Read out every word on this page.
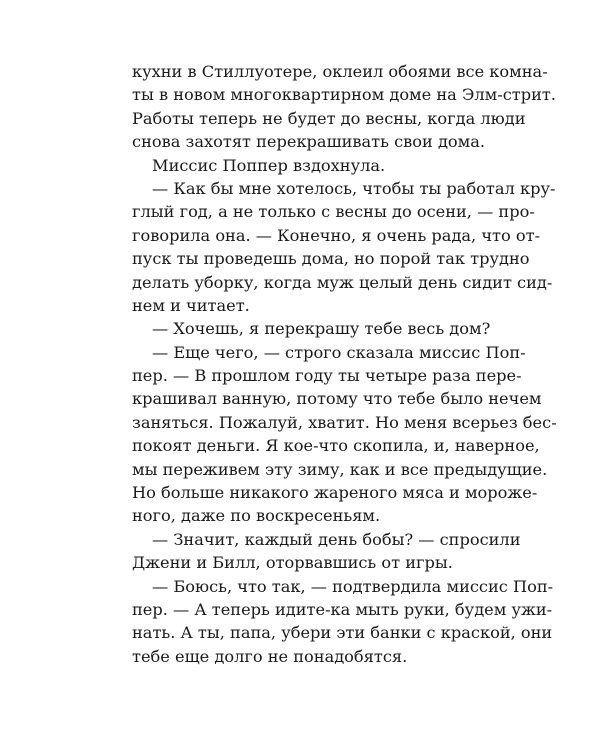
кухни в Стиллуотере, оклеил обоями все комна-
ты в новом многоквартирном доме на Элм-стрит.
Работы теперь не будет до весны, когда люди
снова захотят перекрашивать свои дома.
Миссис Поппер вздохнула.
— Как бы мне хотелось, чтобы ты работал кру-
глый год, а не только с весны до осени, — про-
говорила она. — Конечно, я очень рада, что от-
пуск ты проведешь дома, но порой так трудно
делать уборку, когда муж целый день сидит сид-
нем и читает.
— Хочешь, я перекрашу тебе весь дом?
— Еще чего, — строго сказала миссис Поп-
пер. — В прошлом году ты четыре раза пере-
крашивал ванную, потому что тебе было нечем
заняться. Пожалуй, хватит. Но меня всерьез бес-
покоят деньги. Я кое-что скопила, и, наверное,
мы переживем эту зиму, как и все предыдущие.
Но больше никакого жареного мяса и мороже-
ного, даже по воскресеньям.
— Значит, каждый день бобы? — спросили
Джени и Билл, оторвавшись от игры.
— Боюсь, что так, — подтвердила миссис Поп-
пер. — А теперь идите-ка мыть руки, будем ужи-
нать. А ты, папа, убери эти банки с краской, они
тебе еще долго не понадобятся.
